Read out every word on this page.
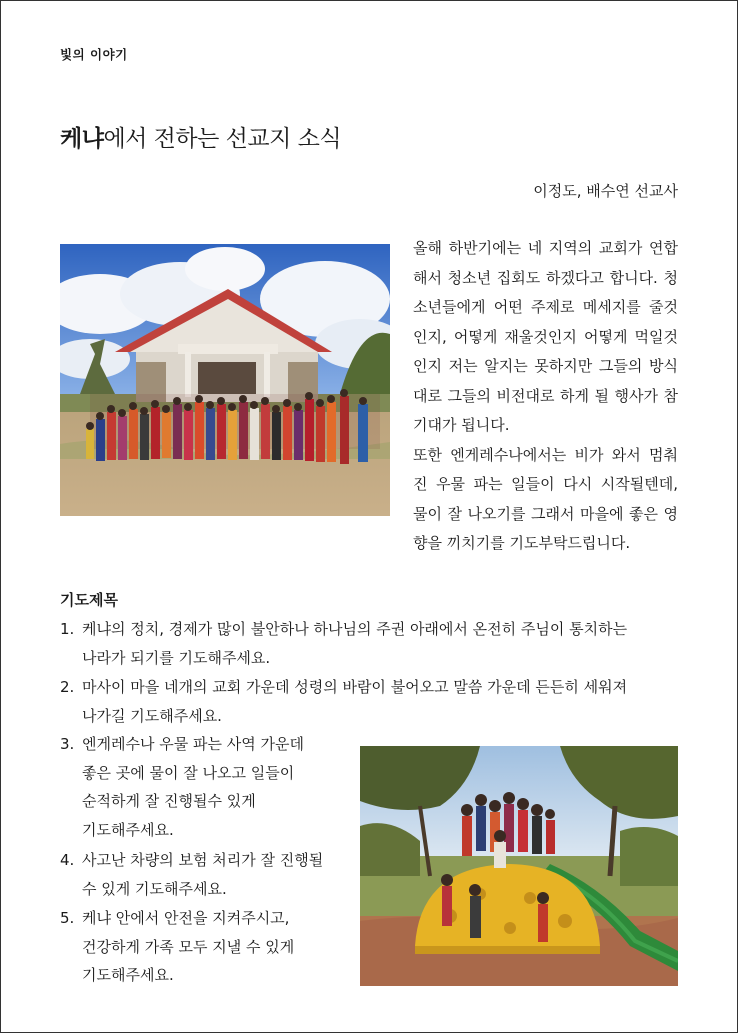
빛의 이야기
케냐에서 전하는 선교지 소식
이정도, 배수연 선교사

올해 하반기에는 네 지역의 교회가 연합해서 청소년 집회도 하겠다고 합니다. 청소년들에게 어떤 주제로 메세지를 줄것인지, 어떻게 재울것인지 어떻게 먹일것인지 저는 알지는 못하지만 그들의 방식대로 그들의 비전대로 하게 될 행사가 참 기대가 됩니다.

또한 엔게레수나에서는 비가 와서 멈춰진 우물 파는 일들이 다시 시작될텐데, 물이 잘 나오기를 그래서 마을에 좋은 영향을 끼치기를 기도부탁드립니다.

기도제목
1. 케냐의 정치, 경제가 많이 불안하나 하나님의 주권 아래에서 온전히 주님이 통치하는
나라가 되기를 기도해주세요.
2. 마사이 마을 네개의 교회 가운데 성령의 바람이 불어오고 말씀 가운데 든든히 세워져
나가길 기도해주세요.
3. 엔게레수나 우물 파는 사역 가운데
좋은 곳에 물이 잘 나오고 일들이
순적하게 잘 진행될수 있게
기도해주세요.
4. 사고난 차량의 보험 처리가 잘 진행될
수 있게 기도해주세요.
5. 케냐 안에서 안전을 지켜주시고,
건강하게 가족 모두 지낼 수 있게
기도해주세요.
